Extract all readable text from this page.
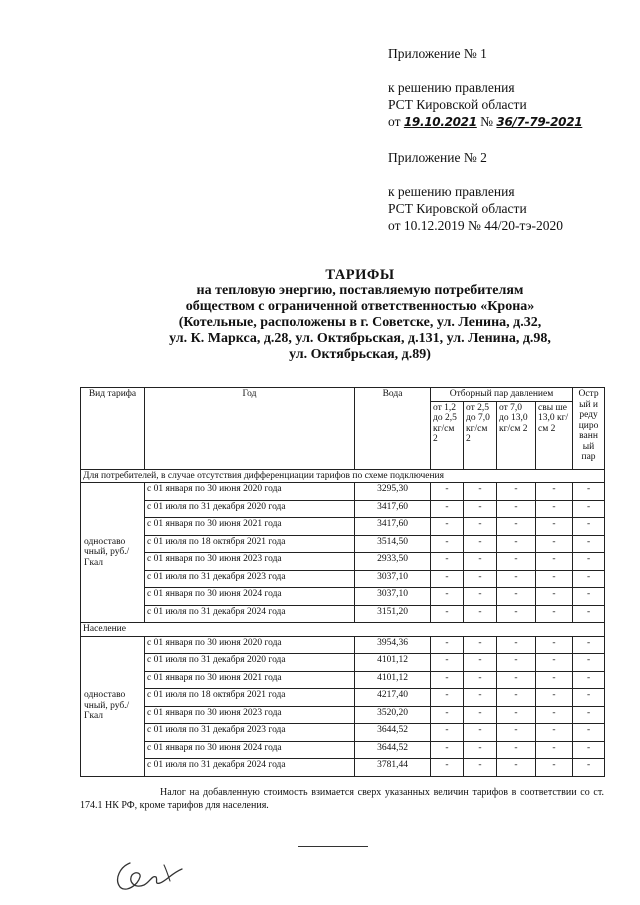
Приложение № 1
к решению правления
РСТ Кировской области
от 19.10.2021 № 36/7-79-2021
Приложение № 2
к решению правления
РСТ Кировской области
от 10.12.2019 № 44/20-тэ-2020
ТАРИФЫ
на тепловую энергию, поставляемую потребителям
обществом с ограниченной ответственностью «Крона»
(Котельные, расположены в г. Советске, ул. Ленина, д.32,
ул. К. Маркса, д.28, ул. Октябрьская, д.131, ул. Ленина, д.98,
ул. Октябрьская, д.89)
Вид тарифа	Год	Вода	Отборный пар давлением				Остр ый и реду циро ванн ый пар
			от 1,2 до 2,5 кг/см 2	от 2,5 до 7,0 кг/см 2	от 7,0 до 13,0 кг/см 2	свы ше 13,0 кг/см 2	
Для потребителей, в случае отсутствия дифференциации тарифов по схеме подключения							
одноставо чный, руб./Гкал	с 01 января по 30 июня 2020 года	3295,30	-	-	-	-	-
	с 01 июля по 31 декабря 2020 года	3417,60	-	-	-	-	-
	с 01 января по 30 июня 2021 года	3417,60	-	-	-	-	-
	с 01 июля по 18 октября 2021 года	3514,50	-	-	-	-	-
	с 01 января по 30 июня 2023 года	2933,50	-	-	-	-	-
	с 01 июля по 31 декабря 2023 года	3037,10	-	-	-	-	-
	с 01 января по 30 июня 2024 года	3037,10	-	-	-	-	-
	с 01 июля по 31 декабря 2024 года	3151,20	-	-	-	-	-
Население							
одноставо чный, руб./Гкал	с 01 января по 30 июня 2020 года	3954,36	-	-	-	-	-
	с 01 июля по 31 декабря 2020 года	4101,12	-	-	-	-	-
	с 01 января по 30 июня 2021 года	4101,12	-	-	-	-	-
	с 01 июля по 18 октября 2021 года	4217,40	-	-	-	-	-
	с 01 января по 30 июня 2023 года	3520,20	-	-	-	-	-
	с 01 июля по 31 декабря 2023 года	3644,52	-	-	-	-	-
	с 01 января по 30 июня 2024 года	3644,52	-	-	-	-	-
	с 01 июля по 31 декабря 2024 года	3781,44	-	-	-	-	-
Налог на добавленную стоимость взимается сверх указанных величин тарифов в соответствии со ст. 174.1 НК РФ, кроме тарифов для населения.
